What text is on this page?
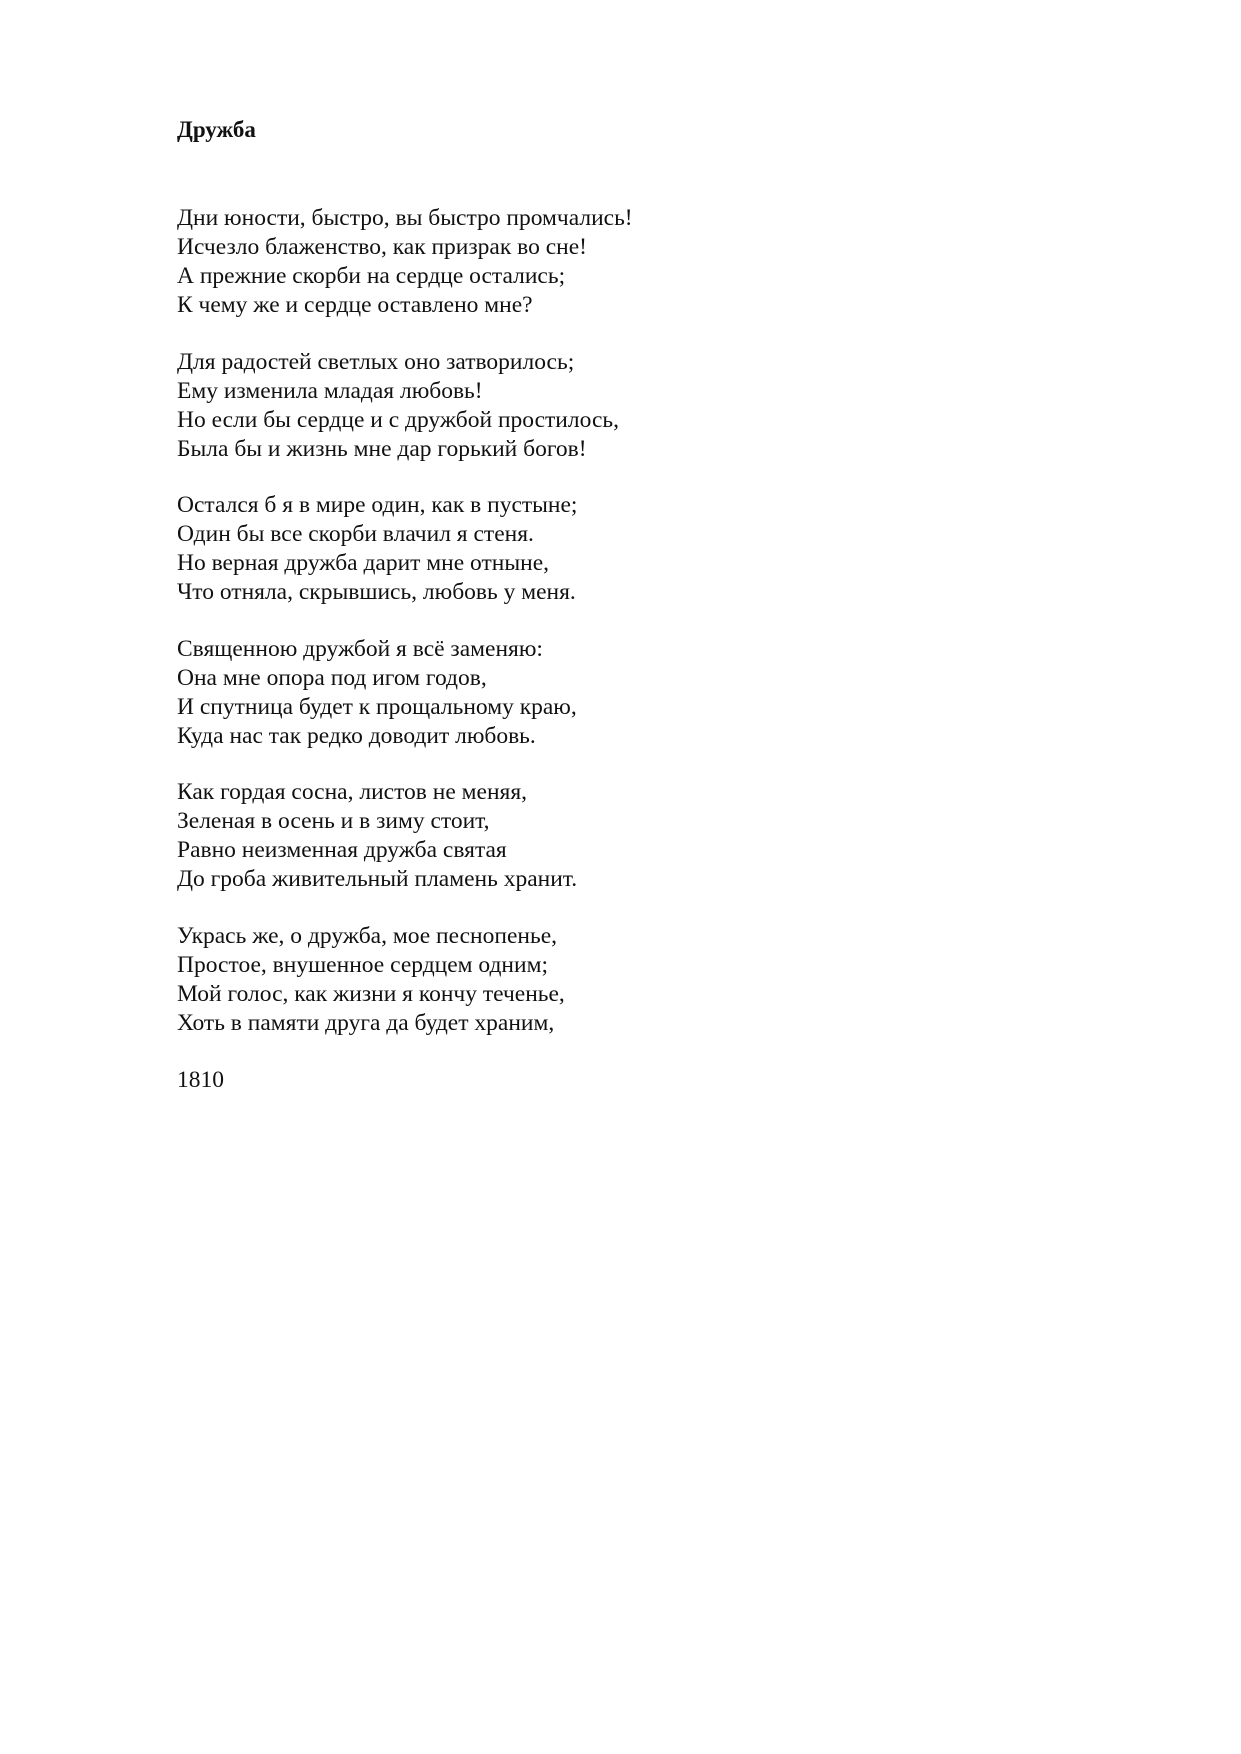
Дружба

Дни юности, быстро, вы быстро промчались!
Исчезло блаженство, как призрак во сне!
А прежние скорби на сердце остались;
К чему же и сердце оставлено мне?

Для радостей светлых оно затворилось;
Ему изменила младая любовь!
Но если бы сердце и с дружбой простилось,
Была бы и жизнь мне дар горький богов!

Остался б я в мире один, как в пустыне;
Один бы все скорби влачил я стеня.
Но верная дружба дарит мне отныне,
Что отняла, скрывшись, любовь у меня.

Священною дружбой я всё заменяю:
Она мне опора под игом годов,
И спутница будет к прощальному краю,
Куда нас так редко доводит любовь.

Как гордая сосна, листов не меняя,
Зеленая в осень и в зиму стоит,
Равно неизменная дружба святая
До гроба живительный пламень хранит.

Укрась же, о дружба, мое песнопенье,
Простое, внушенное сердцем одним;
Мой голос, как жизни я кончу теченье,
Хоть в памяти друга да будет храним,

1810
